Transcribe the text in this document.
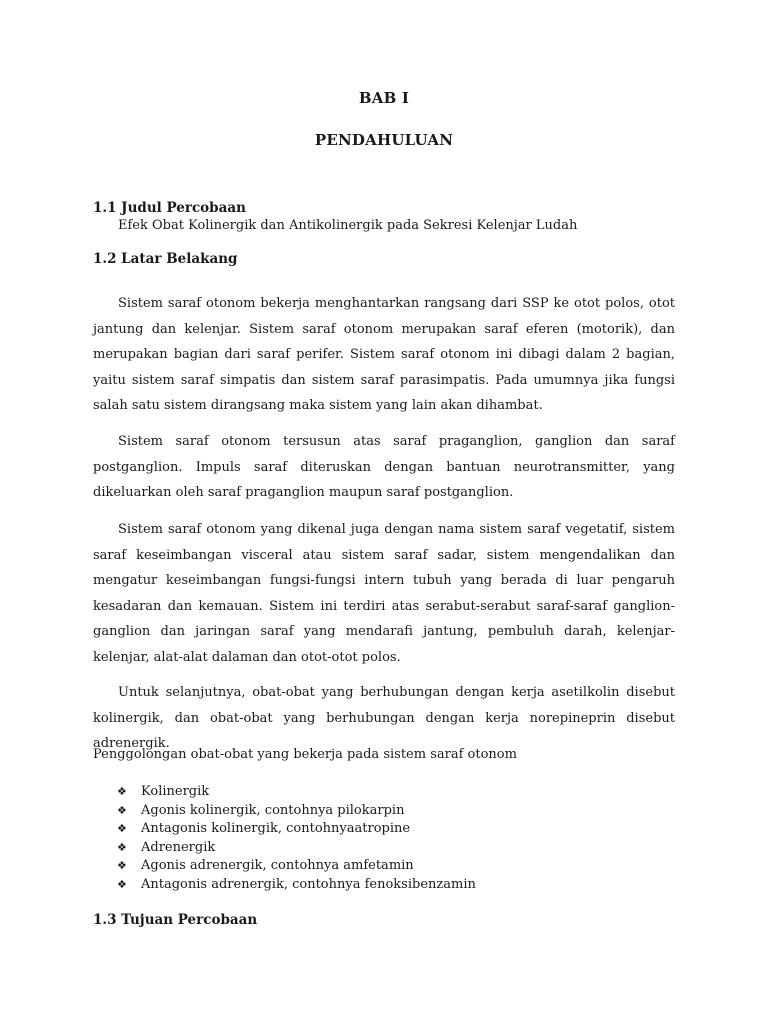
BAB I
PENDAHULUAN
1.1 Judul Percobaan
Efek Obat Kolinergik dan Antikolinergik pada Sekresi Kelenjar Ludah
1.2 Latar Belakang

Sistem saraf otonom bekerja menghantarkan rangsang dari SSP ke otot polos, otot jantung dan kelenjar. Sistem saraf otonom merupakan saraf eferen (motorik), dan merupakan bagian dari saraf perifer. Sistem saraf otonom ini dibagi dalam 2 bagian, yaitu sistem saraf simpatis dan sistem saraf parasimpatis. Pada umumnya jika fungsi salah satu sistem dirangsang maka sistem yang lain akan dihambat.

Sistem saraf otonom tersusun atas saraf praganglion, ganglion dan saraf postganglion. Impuls saraf diteruskan dengan bantuan neurotransmitter, yang dikeluarkan oleh saraf praganglion maupun saraf postganglion.

Sistem saraf otonom yang dikenal juga dengan nama sistem saraf vegetatif, sistem saraf keseimbangan visceral atau sistem saraf sadar, sistem mengendalikan dan mengatur keseimbangan fungsi-fungsi intern tubuh yang berada di luar pengaruh kesadaran dan kemauan. Sistem ini terdiri atas serabut-serabut saraf-saraf ganglion-ganglion dan jaringan saraf yang mendarafi jantung, pembuluh darah, kelenjar-kelenjar, alat-alat dalaman dan otot-otot polos.

Untuk selanjutnya, obat-obat yang berhubungan dengan kerja asetilkolin disebut kolinergik, dan obat-obat yang berhubungan dengan kerja norepineprin disebut adrenergik.

Penggolongan obat-obat yang bekerja pada sistem saraf otonom
❖	Kolinergik
❖	Agonis kolinergik, contohnya pilokarpin
❖	Antagonis kolinergik, contohnyaatropine
❖	Adrenergik
❖	Agonis adrenergik, contohnya amfetamin
❖	Antagonis adrenergik, contohnya fenoksibenzamin
1.3 Tujuan Percobaan
